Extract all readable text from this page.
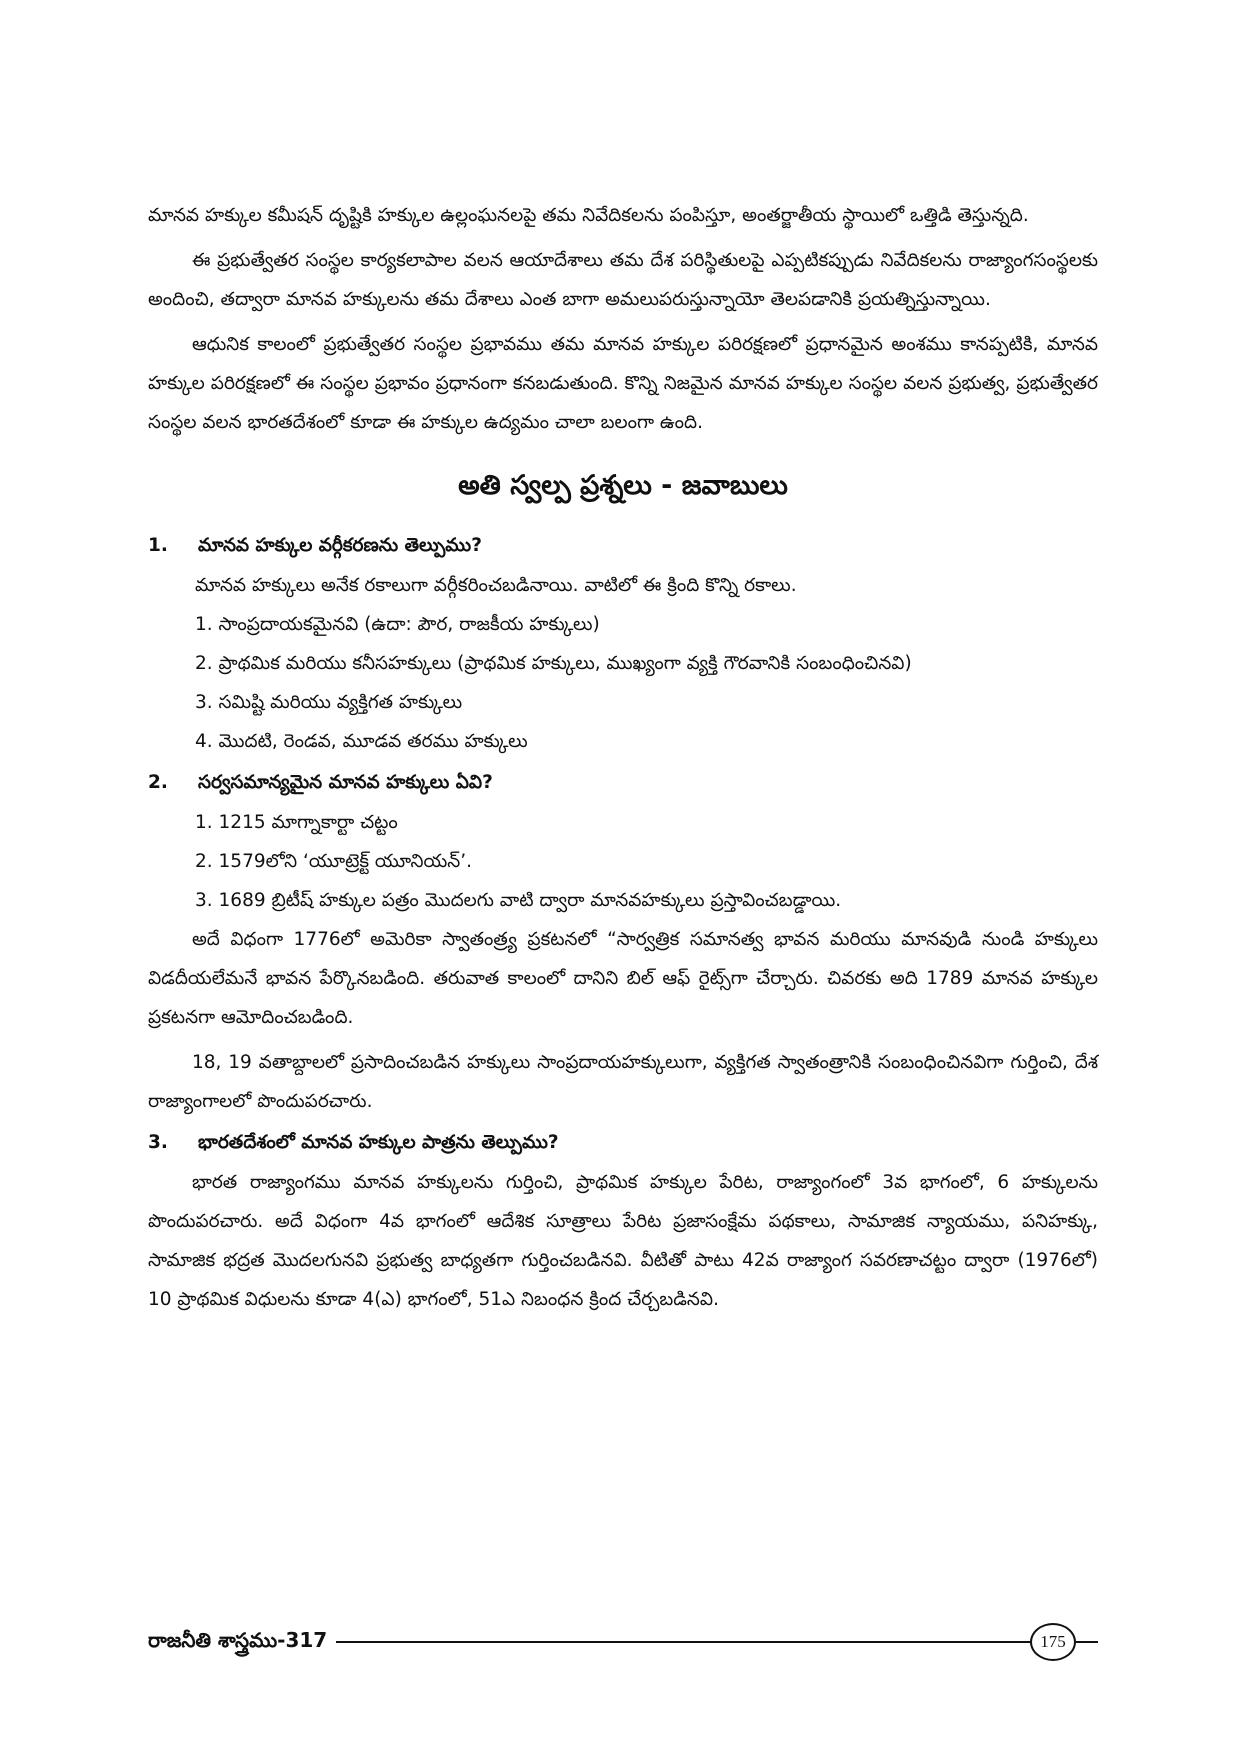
మానవ హక్కుల కమీషన్ దృష్టికి హక్కుల ఉల్లంఘనలపై తమ నివేదికలను పంపిస్తూ, అంతర్జాతీయ స్థాయిలో ఒత్తిడి తెస్తున్నది.

ఈ ప్రభుత్వేతర సంస్థల కార్యకలాపాల వలన ఆయాదేశాలు తమ దేశ పరిస్థితులపై ఎప్పటికప్పుడు నివేదికలను రాజ్యాంగసంస్థలకు అందించి, తద్వారా మానవ హక్కులను తమ దేశాలు ఎంత బాగా అమలుపరుస్తున్నాయో తెలపడానికి ప్రయత్నిస్తున్నాయి.

ఆధునిక కాలంలో ప్రభుత్వేతర సంస్థల ప్రభావము తమ మానవ హక్కుల పరిరక్షణలో ప్రధానమైన అంశము కానప్పటికి, మానవ హక్కుల పరిరక్షణలో ఈ సంస్థల ప్రభావం ప్రధానంగా కనబడుతుంది. కొన్ని నిజమైన మానవ హక్కుల సంస్థల వలన ప్రభుత్వ, ప్రభుత్వేతర సంస్థల వలన భారతదేశంలో కూడా ఈ హక్కుల ఉద్యమం చాలా బలంగా ఉంది.

అతి స్వల్ప ప్రశ్నలు - జవాబులు
1.	మానవ హక్కుల వర్గీకరణను తెల్పుము?

మానవ హక్కులు అనేక రకాలుగా వర్గీకరించబడినాయి. వాటిలో ఈ క్రింది కొన్ని రకాలు.

1. సాంప్రదాయకమైనవి (ఉదా: పౌర, రాజకీయ హక్కులు)

2. ప్రాథమిక మరియు కనీసహక్కులు (ప్రాథమిక హక్కులు, ముఖ్యంగా వ్యక్తి గౌరవానికి సంబంధించినవి)

3. సమిష్టి మరియు వ్యక్తిగత హక్కులు

4. మొదటి, రెండవ, మూడవ తరము హక్కులు

2.	సర్వసమాన్యమైన మానవ హక్కులు ఏవి?

1. 1215 మాగ్నాకార్టా చట్టం

2. 1579లోని ‘యూట్రెక్ట్ యూనియన్’.

3. 1689 బ్రిటీష్ హక్కుల పత్రం మొదలగు వాటి ద్వారా మానవహక్కులు ప్రస్తావించబడ్డాయి.

అదే విధంగా 1776లో అమెరికా స్వాతంత్ర్య ప్రకటనలో “సార్వత్రిక సమానత్వ భావన మరియు మానవుడి నుండి హక్కులు విడదీయలేమనే భావన పేర్కొనబడింది. తరువాత కాలంలో దానిని బిల్ ఆఫ్ రైట్స్‌గా చేర్చారు. చివరకు అది 1789 మానవ హక్కుల ప్రకటనగా ఆమోదించబడింది.

18, 19 వతాబ్దాలలో ప్రసాదించబడిన హక్కులు సాంప్రదాయహక్కులుగా, వ్యక్తిగత స్వాతంత్రానికి సంబంధించినవిగా గుర్తించి, దేశ రాజ్యాంగాలలో పొందుపరచారు.

3.	భారతదేశంలో మానవ హక్కుల పాత్రను తెల్పుము?

భారత రాజ్యాంగము మానవ హక్కులను గుర్తించి, ప్రాథమిక హక్కుల పేరిట, రాజ్యాంగంలో 3వ భాగంలో, 6 హక్కులను పొందుపరచారు. అదే విధంగా 4వ భాగంలో ఆదేశిక సూత్రాలు పేరిట ప్రజాసంక్షేమ పథకాలు, సామాజిక న్యాయము, పనిహక్కు, సామాజిక భద్రత మొదలగునవి ప్రభుత్వ బాధ్యతగా గుర్తించబడినవి. వీటితో పాటు 42వ రాజ్యాంగ సవరణాచట్టం ద్వారా (1976లో) 10 ప్రాథమిక విధులను కూడా 4(ఎ) భాగంలో, 51ఎ నిబంధన క్రింద చేర్చబడినవి.

రాజనీతి శాస్త్రము-317	175
